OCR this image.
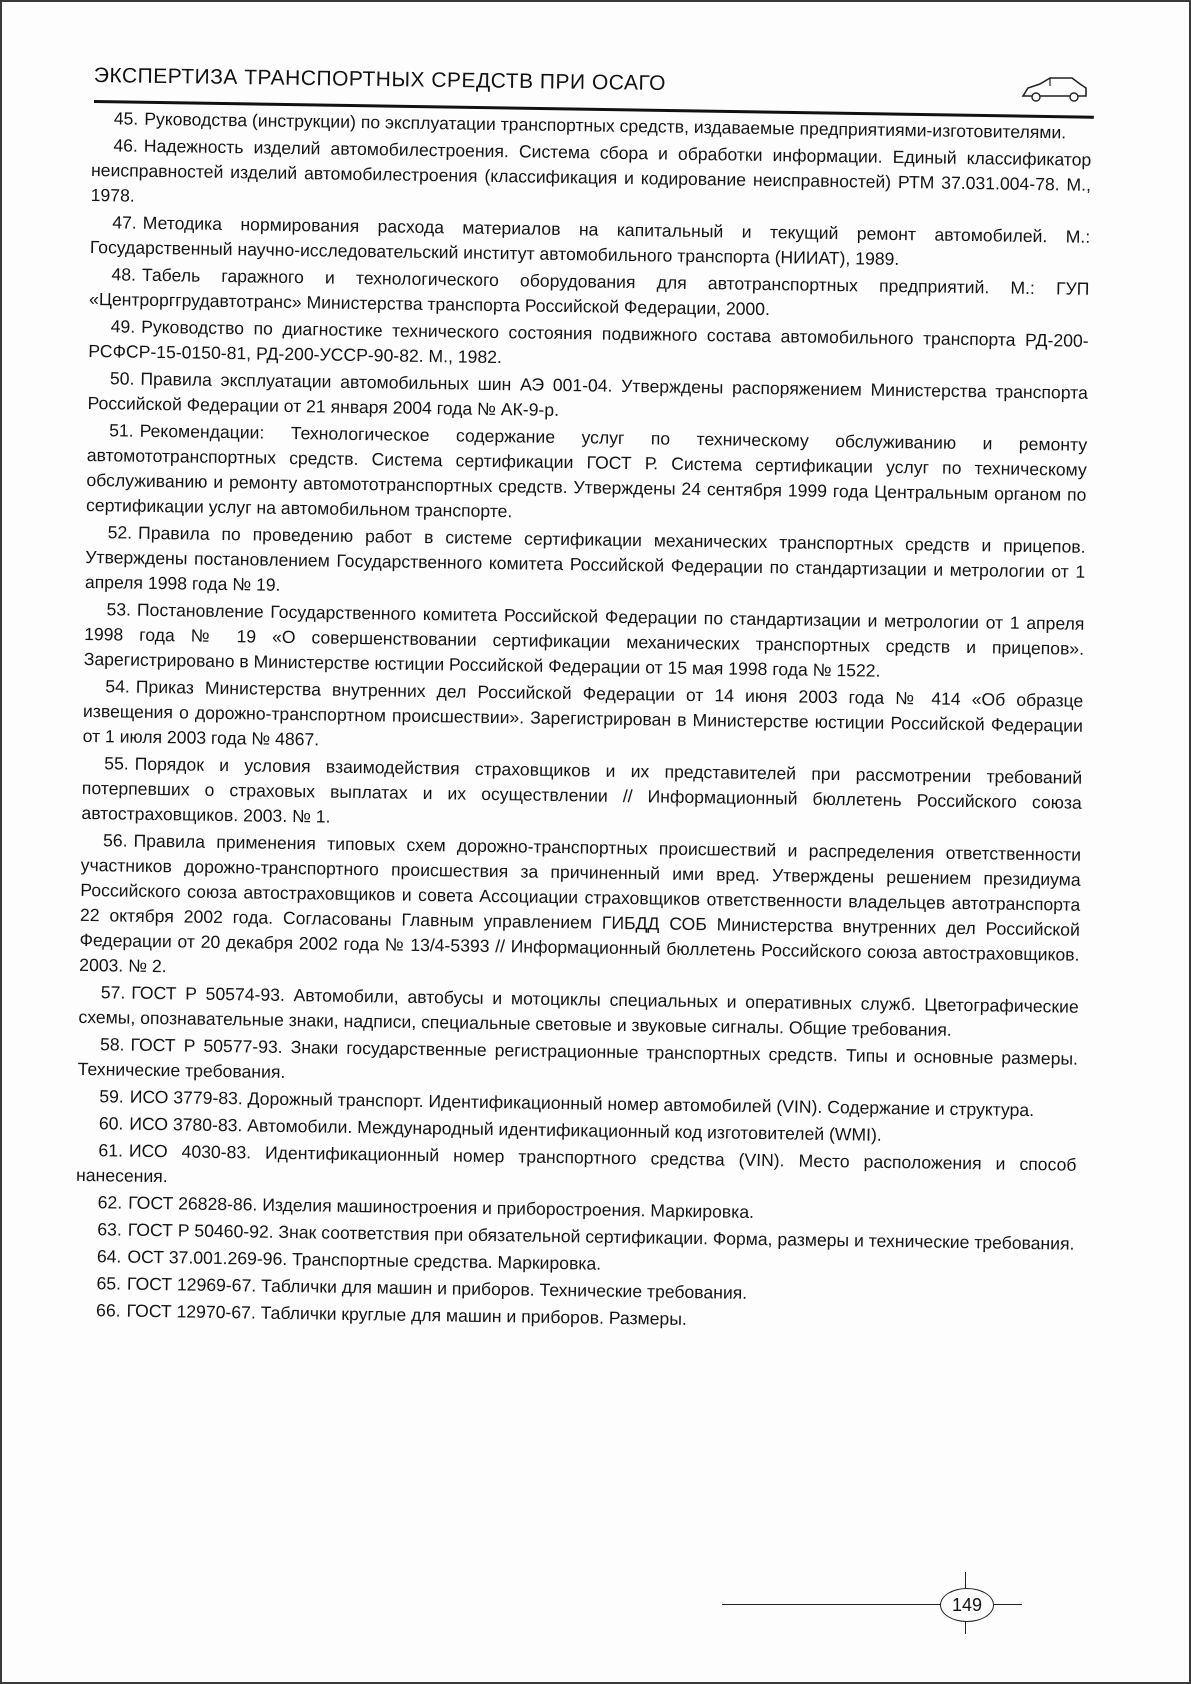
ЭКСПЕРТИЗА ТРАНСПОРТНЫХ СРЕДСТВ ПРИ ОСАГО

45. Руководства (инструкции) по эксплуатации транспортных средств, издаваемые предприятиями-изготовителями.

46. Надежность изделий автомобилестроения. Система сбора и обработки информации. Единый классификатор неисправностей изделий автомобилестроения (классификация и кодирование неисправностей) РТМ 37.031.004-78. М., 1978.

47. Методика нормирования расхода материалов на капитальный и текущий ремонт автомобилей. М.: Государственный научно-исследовательский институт автомобильного транспорта (НИИАТ), 1989.

48. Табель гаражного и технологического оборудования для автотранспортных предприятий. М.: ГУП «Центрорггрудавтотранс» Министерства транспорта Российской Федерации, 2000.

49. Руководство по диагностике технического состояния подвижного состава автомобильного транспорта РД-200-РСФСР-15-0150-81, РД-200-УССР-90-82. М., 1982.

50. Правила эксплуатации автомобильных шин АЭ 001-04. Утверждены распоряжением Министерства транспорта Российской Федерации от 21 января 2004 года № АК-9-р.

51. Рекомендации: Технологическое содержание услуг по техническому обслуживанию и ремонту автомототранспортных средств. Система сертификации ГОСТ Р. Система сертификации услуг по техническому обслуживанию и ремонту автомототранспортных средств. Утверждены 24 сентября 1999 года Центральным органом по сертификации услуг на автомобильном транспорте.

52. Правила по проведению работ в системе сертификации механических транспортных средств и прицепов. Утверждены постановлением Государственного комитета Российской Федерации по стандартизации и метрологии от 1 апреля 1998 года № 19.

53. Постановление Государственного комитета Российской Федерации по стандартизации и метрологии от 1 апреля 1998 года № 19 «О совершенствовании сертификации механических транспортных средств и прицепов». Зарегистрировано в Министерстве юстиции Российской Федерации от 15 мая 1998 года № 1522.

54. Приказ Министерства внутренних дел Российской Федерации от 14 июня 2003 года № 414 «Об образце извещения о дорожно-транспортном происшествии». Зарегистрирован в Министерстве юстиции Российской Федерации от 1 июля 2003 года № 4867.

55. Порядок и условия взаимодействия страховщиков и их представителей при рассмотрении требований потерпевших о страховых выплатах и их осуществлении // Информационный бюллетень Российского союза автостраховщиков. 2003. № 1.

56. Правила применения типовых схем дорожно-транспортных происшествий и распределения ответственности участников дорожно-транспортного происшествия за причиненный ими вред. Утверждены решением президиума Российского союза автостраховщиков и совета Ассоциации страховщиков ответственности владельцев автотранспорта 22 октября 2002 года. Согласованы Главным управлением ГИБДД СОБ Министерства внутренних дел Российской Федерации от 20 декабря 2002 года № 13/4-5393 // Информационный бюллетень Российского союза автостраховщиков. 2003. № 2.

57. ГОСТ Р 50574-93. Автомобили, автобусы и мотоциклы специальных и оперативных служб. Цветографические схемы, опознавательные знаки, надписи, специальные световые и звуковые сигналы. Общие требования.

58. ГОСТ Р 50577-93. Знаки государственные регистрационные транспортных средств. Типы и основные размеры. Технические требования.

59. ИСО 3779-83. Дорожный транспорт. Идентификационный номер автомобилей (VIN). Содержание и структура.

60. ИСО 3780-83. Автомобили. Международный идентификационный код изготовителей (WMI).

61. ИСО 4030-83. Идентификационный номер транспортного средства (VIN). Место расположения и способ нанесения.

62. ГОСТ 26828-86. Изделия машиностроения и приборостроения. Маркировка.

63. ГОСТ Р 50460-92. Знак соответствия при обязательной сертификации. Форма, размеры и технические требования.

64. ОСТ 37.001.269-96. Транспортные средства. Маркировка.

65. ГОСТ 12969-67. Таблички для машин и приборов. Технические требования.

66. ГОСТ 12970-67. Таблички круглые для машин и приборов. Размеры.

149
